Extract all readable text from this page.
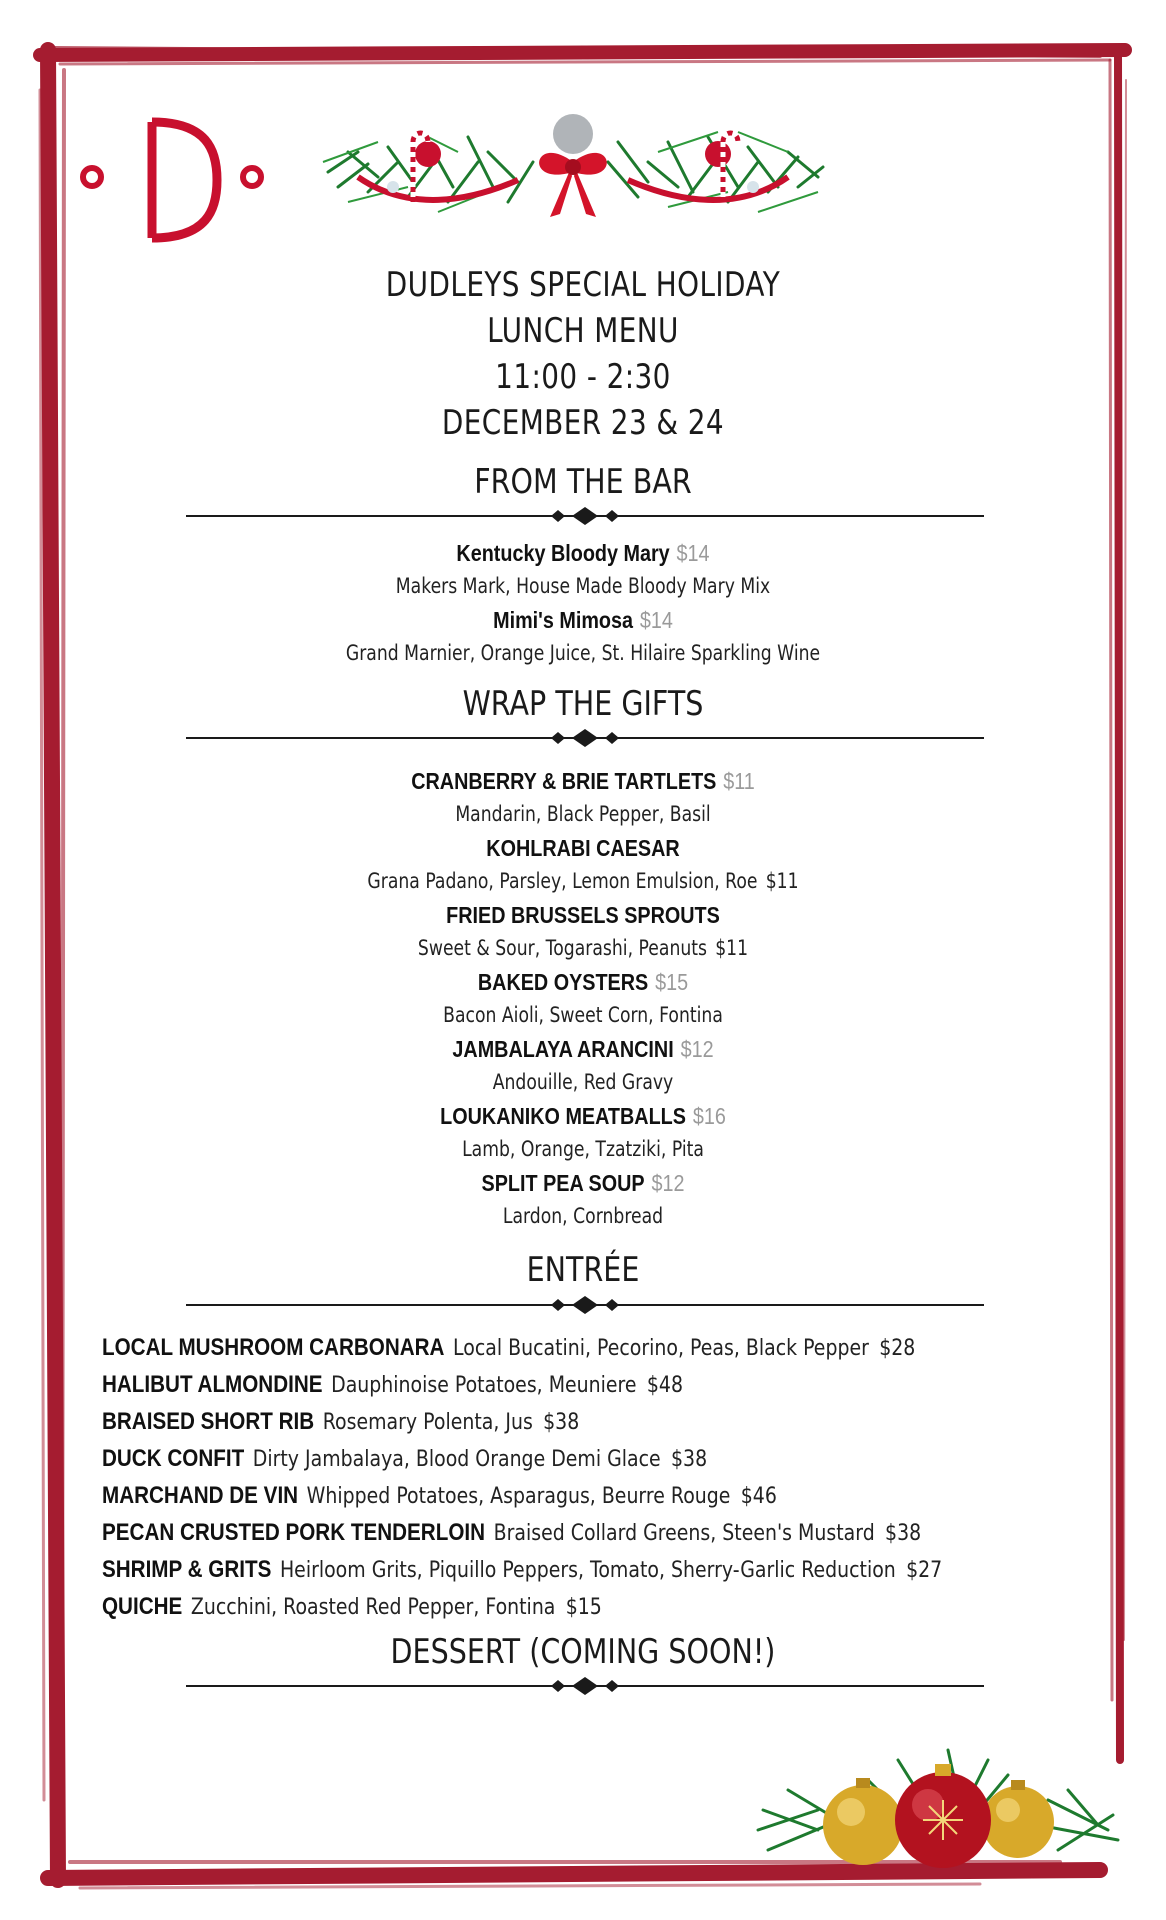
DUDLEYS SPECIAL HOLIDAY
LUNCH MENU
11:00 - 2:30
DECEMBER 23 & 24
FROM THE BAR
Kentucky Bloody Mary $14
Makers Mark, House Made Bloody Mary Mix
Mimi's Mimosa $14
Grand Marnier, Orange Juice, St. Hilaire Sparkling Wine
WRAP THE GIFTS
CRANBERRY & BRIE TARTLETS $11
Mandarin, Black Pepper, Basil
KOHLRABI CAESAR
Grana Padano, Parsley, Lemon Emulsion, Roe $11
FRIED BRUSSELS SPROUTS
Sweet & Sour, Togarashi, Peanuts $11
BAKED OYSTERS $15
Bacon Aioli, Sweet Corn, Fontina
JAMBALAYA ARANCINI $12
Andouille, Red Gravy
LOUKANIKO MEATBALLS $16
Lamb, Orange, Tzatziki, Pita
SPLIT PEA SOUP $12
Lardon, Cornbread
ENTRÉE
LOCAL MUSHROOM CARBONARA Local Bucatini, Pecorino, Peas, Black Pepper $28
HALIBUT ALMONDINE Dauphinoise Potatoes, Meuniere $48
BRAISED SHORT RIB Rosemary Polenta, Jus $38
DUCK CONFIT Dirty Jambalaya, Blood Orange Demi Glace $38
MARCHAND DE VIN Whipped Potatoes, Asparagus, Beurre Rouge $46
PECAN CRUSTED PORK TENDERLOIN Braised Collard Greens, Steen's Mustard $38
SHRIMP & GRITS Heirloom Grits, Piquillo Peppers, Tomato, Sherry-Garlic Reduction $27
QUICHE Zucchini, Roasted Red Pepper, Fontina $15
DESSERT (COMING SOON!)
